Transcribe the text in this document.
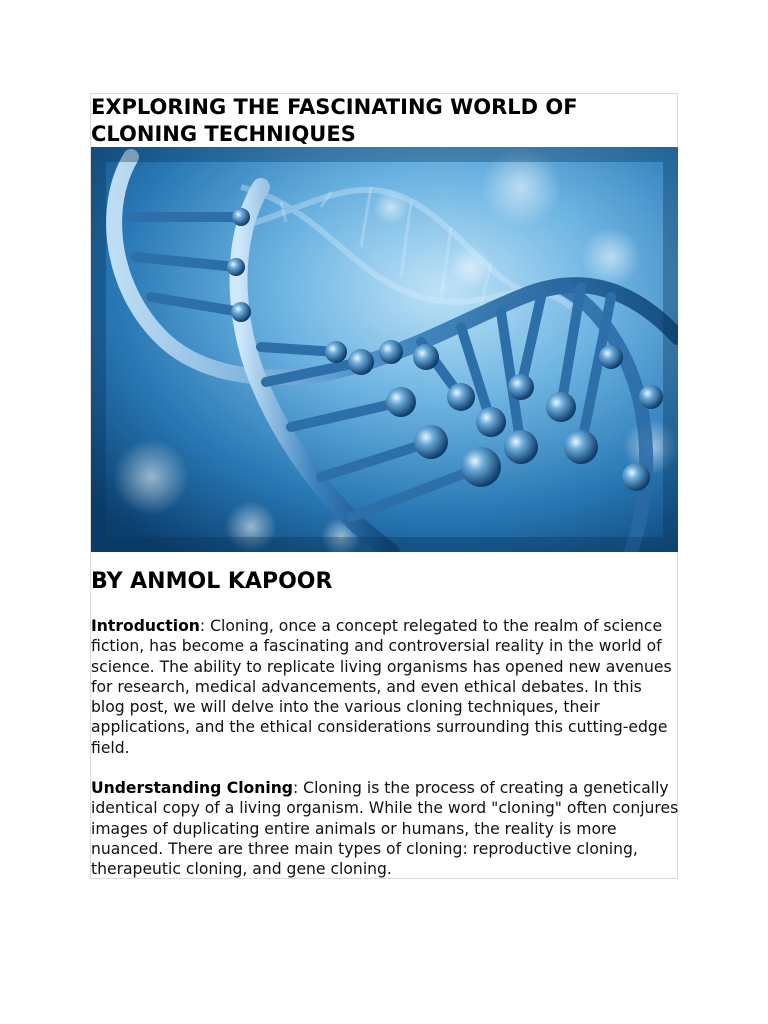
EXPLORING THE FASCINATING WORLD OF
CLONING TECHNIQUES
BY ANMOL KAPOOR

Introduction: Cloning, once a concept relegated to the realm of science fiction, has become a fascinating and controversial reality in the world of science. The ability to replicate living organisms has opened new avenues for research, medical advancements, and even ethical debates. In this blog post, we will delve into the various cloning techniques, their applications, and the ethical considerations surrounding this cutting-edge field.

Understanding Cloning: Cloning is the process of creating a genetically identical copy of a living organism. While the word "cloning" often conjures images of duplicating entire animals or humans, the reality is more nuanced. There are three main types of cloning: reproductive cloning, therapeutic cloning, and gene cloning.
